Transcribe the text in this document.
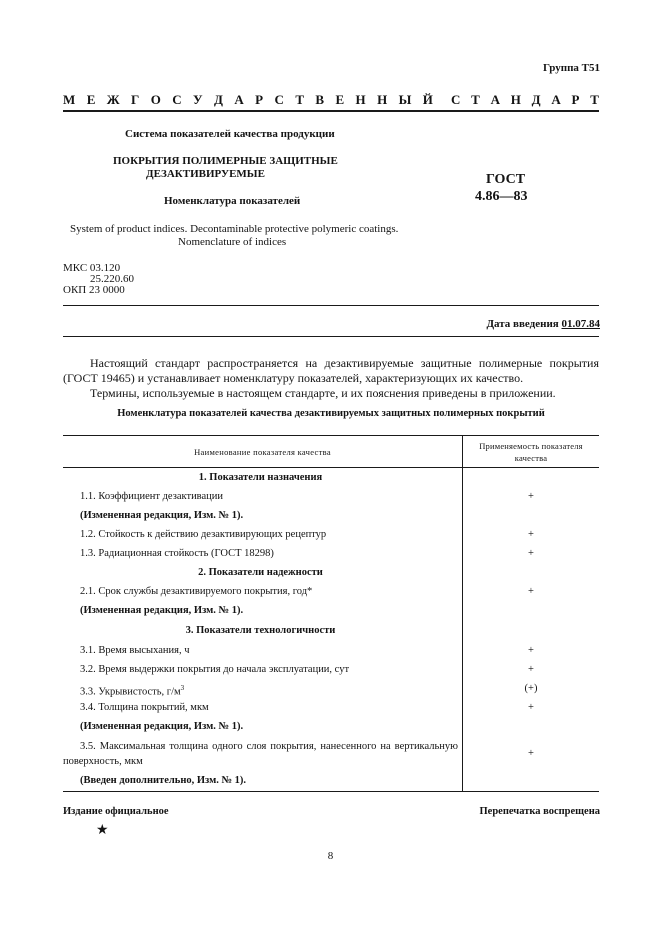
Группа Т51
М Е Ж Г О С У Д А Р С Т В Е Н Н Ы Й С Т А Н Д А Р Т
Система показателей качества продукции
ПОКРЫТИЯ ПОЛИМЕРНЫЕ ЗАЩИТНЫЕ
ДЕЗАКТИВИРУЕМЫЕ	ГОСТ
4.86—83
Номенклатура показателей
System of product indices. Decontaminable protective polymeric coatings.
Nomenclature of indices
МКС 03.120
25.220.60
ОКП 23 0000
Дата введения 01.07.84
Настоящий стандарт распространяется на дезактивируемые защитные полимерные покрытия (ГОСТ 19465) и устанавливает номенклатуру показателей, характеризующих их качество.
Термины, используемые в настоящем стандарте, и их пояснения приведены в приложении.
Номенклатура показателей качества дезактивируемых защитных полимерных покрытий
Наименование показателя качества
Применяемость показателя качества
1. Показатели назначения
1.1. Коэффициент дезактивации	+
(Измененная редакция, Изм. № 1).
1.2. Стойкость к действию дезактивирующих рецептур	+
1.3. Радиационная стойкость (ГОСТ 18298)	+
2. Показатели надежности
2.1. Срок службы дезактивируемого покрытия, год*	+
(Измененная редакция, Изм. № 1).
3. Показатели технологичности
3.1. Время высыхания, ч	+
3.2. Время выдержки покрытия до начала эксплуатации, сут	+
3.3. Укрывистость, $г/м^3$	(+)
3.4. Толщина покрытий, мкм	+
(Измененная редакция, Изм. № 1).
3.5. Максимальная толщина одного слоя покрытия, нанесенного на вертикальную поверхность, мкм
+
(Введен дополнительно, Изм. № 1).
Издание официальное	Перепечатка воспрещена
★
8
